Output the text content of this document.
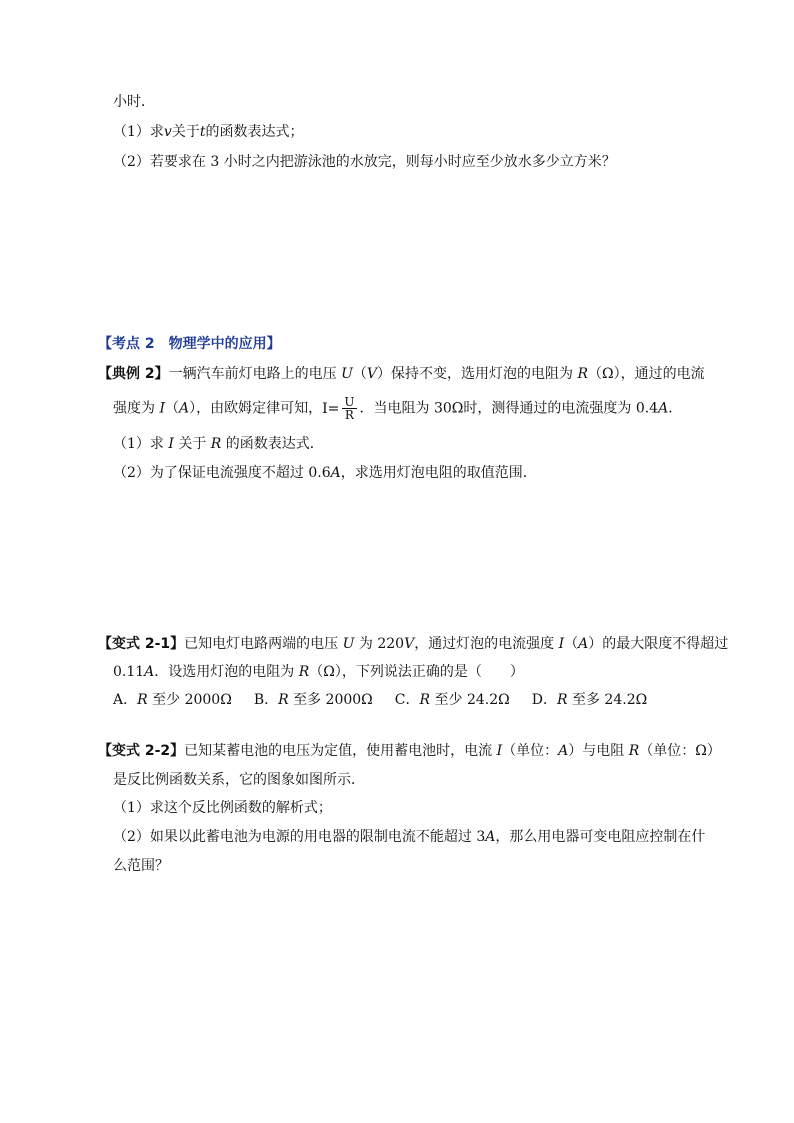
小时．
（1）求v关于t的函数表达式；
（2）若要求在 3 小时之内把游泳池的水放完，则每小时应至少放水多少立方米？
【考点 2　物理学中的应用】
【典例 2】一辆汽车前灯电路上的电压 U（V）保持不变，选用灯泡的电阻为 R（Ω），通过的电流
强度为 I（A），由欧姆定律可知，$I= \frac{U}{R}$ ．当电阻为 30Ω时，测得通过的电流强度为 0.4A．
（1）求 I 关于 R 的函数表达式．
（2）为了保证电流强度不超过 0.6A，求选用灯泡电阻的取值范围．
【变式 2-1】已知电灯电路两端的电压 U 为 220V，通过灯泡的电流强度 I（A）的最大限度不得超过
0.11A．设选用灯泡的电阻为 R（Ω），下列说法正确的是（　　）
A．R 至少 2000Ω B．R 至多 2000Ω C．R 至少 24.2Ω D．R 至多 24.2Ω
【变式 2-2】已知某蓄电池的电压为定值，使用蓄电池时，电流 I（单位：A）与电阻 R（单位：Ω）
是反比例函数关系，它的图象如图所示．
（1）求这个反比例函数的解析式；
（2）如果以此蓄电池为电源的用电器的限制电流不能超过 3A，那么用电器可变电阻应控制在什
么范围？
